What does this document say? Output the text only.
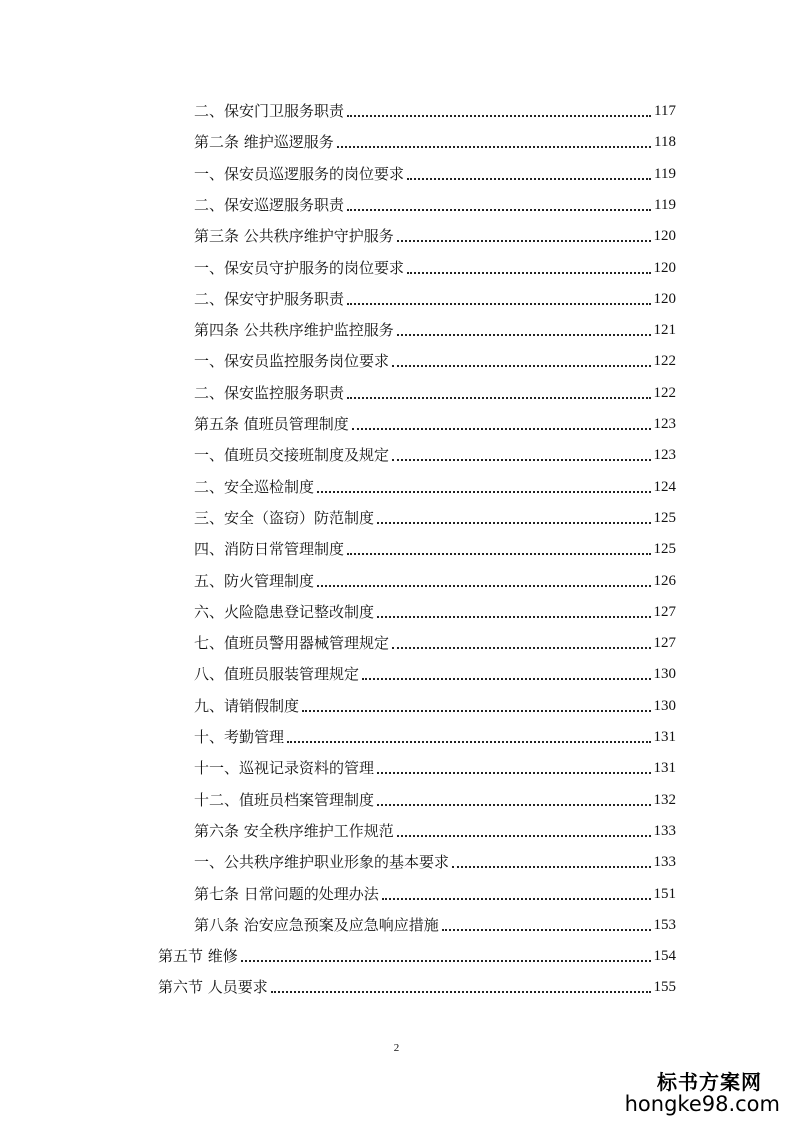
二、保安门卫服务职责	117
第二条 维护巡逻服务	118
一、保安员巡逻服务的岗位要求	119
二、保安巡逻服务职责	119
第三条 公共秩序维护守护服务	120
一、保安员守护服务的岗位要求	120
二、保安守护服务职责	120
第四条 公共秩序维护监控服务	121
一、保安员监控服务岗位要求	122
二、保安监控服务职责	122
第五条 值班员管理制度	123
一、值班员交接班制度及规定	123
二、安全巡检制度	124
三、安全（盗窃）防范制度	125
四、消防日常管理制度	125
五、防火管理制度	126
六、火险隐患登记整改制度	127
七、值班员警用器械管理规定	127
八、值班员服装管理规定	130
九、请销假制度	130
十、考勤管理	131
十一、巡视记录资料的管理	131
十二、值班员档案管理制度	132
第六条 安全秩序维护工作规范	133
一、公共秩序维护职业形象的基本要求	133
第七条 日常问题的处理办法	151
第八条 治安应急预案及应急响应措施	153
第五节 维修	154
第六节 人员要求	155
2
标书方案网
hongke98.com
